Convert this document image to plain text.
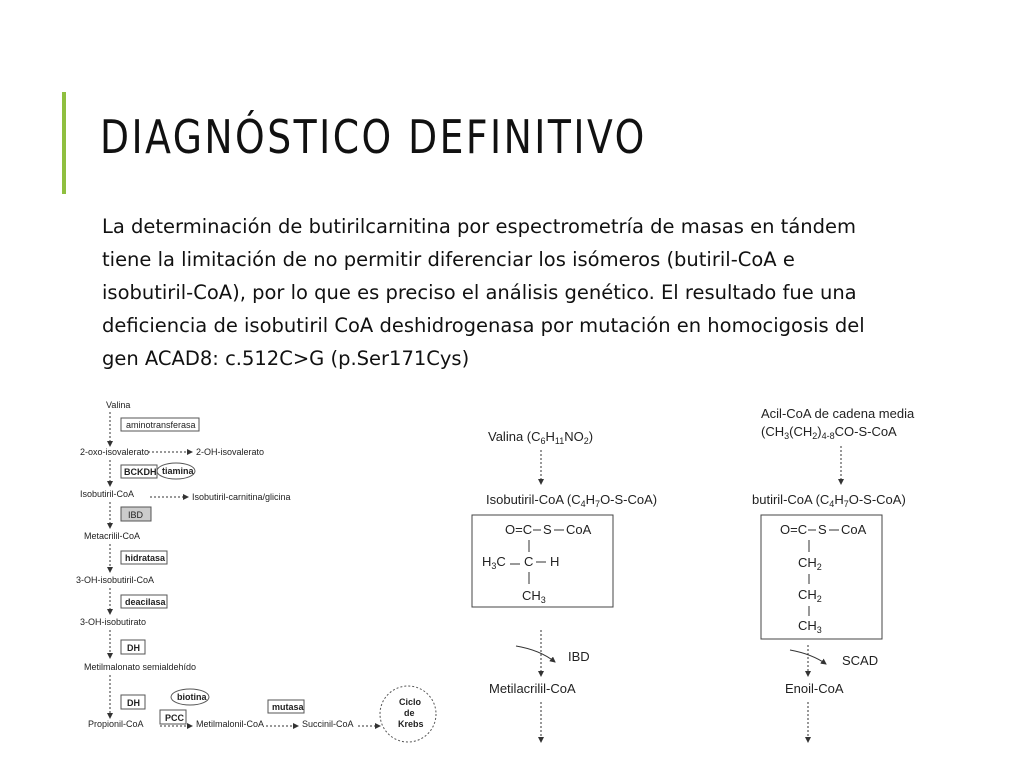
DIAGNÓSTICO DEFINITIVO
La determinación de butirilcarnitina por espectrometría de masas en tándem
tiene la limitación de no permitir diferenciar los isómeros (butiril-CoA e
isobutiril-CoA), por lo que es preciso el análisis genético. El resultado fue una
deficiencia de isobutiril CoA deshidrogenasa por mutación en homocigosis del
gen ACAD8: c.512C>G (p.Ser171Cys)
Valina
aminotransferasa
2-oxo-isovalerato	2-OH-isovalerato
BCKDH tiamina
Isobutiril-CoA	Isobutiril-carnitina/glicina
IBD
Metacrilil-CoA
hidratasa
3-OH-isobutiril-CoA
deacilasa
3-OH-isobutirato
DH
Metilmalonato semialdehído
DH
biotina
PCC
Propionil-CoA	Metilmalonil-CoA
mutasa
Succinil-CoA
Ciclo
de
Krebs
Valina $(C_6H_{11}NO_2)$
Isobutiril-CoA $(C_4H_7O-S-CoA)$
O=C S CoA
$H_3C$ C H
$CH_3$
IBD
Metilacrilil-CoA
Acil-CoA de cadena media
($CH_3(CH_2)_{4-8}CO-S$-CoA
butiril-CoA $(C_4H_7O-S-CoA)$
O=C S CoA
$CH_2$
$CH_2$
$CH_3$
SCAD
Enoil-CoA
